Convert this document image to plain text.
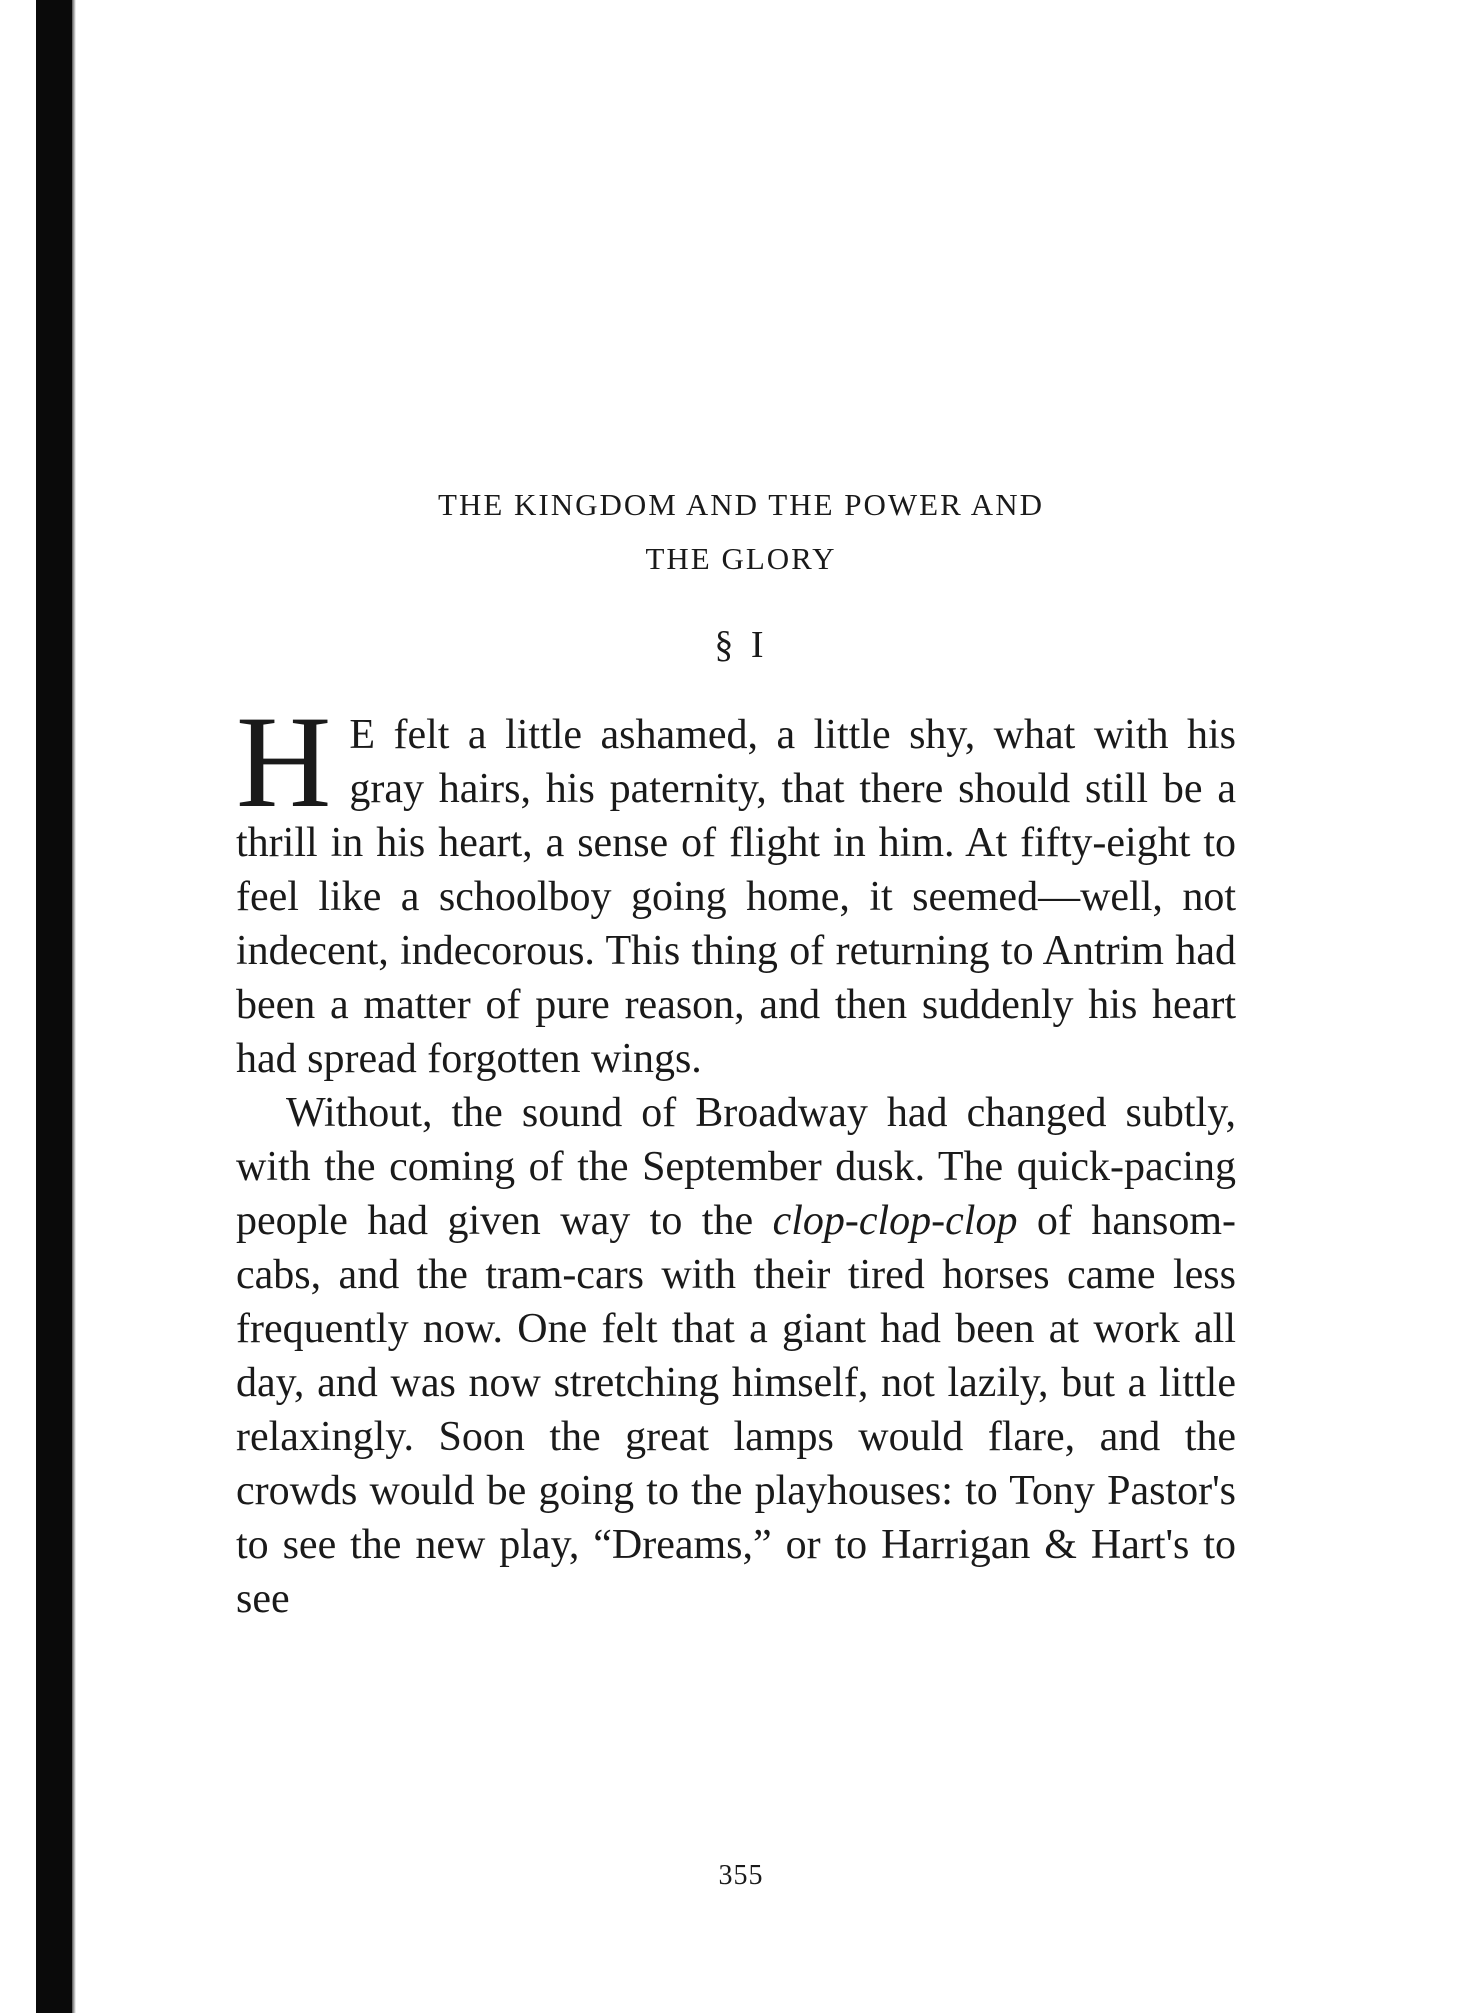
THE KINGDOM AND THE POWER AND
THE GLORY
§ I

H E felt a little ashamed, a little shy, what with his gray hairs, his paternity, that there should still be a thrill in his heart, a sense of flight in him. At fifty-eight to feel like a schoolboy going home, it seemed—well, not indecent, indecorous. This thing of returning to Antrim had been a matter of pure reason, and then suddenly his heart had spread forgotten wings.

Without, the sound of Broadway had changed subtly, with the coming of the September dusk. The quick-pacing people had given way to the clop-clop-clop of hansom-cabs, and the tram-cars with their tired horses came less frequently now. One felt that a giant had been at work all day, and was now stretching himself, not lazily, but a little relaxingly. Soon the great lamps would flare, and the crowds would be going to the playhouses: to Tony Pastor's to see the new play, “Dreams,” or to Harrigan & Hart's to see

355
